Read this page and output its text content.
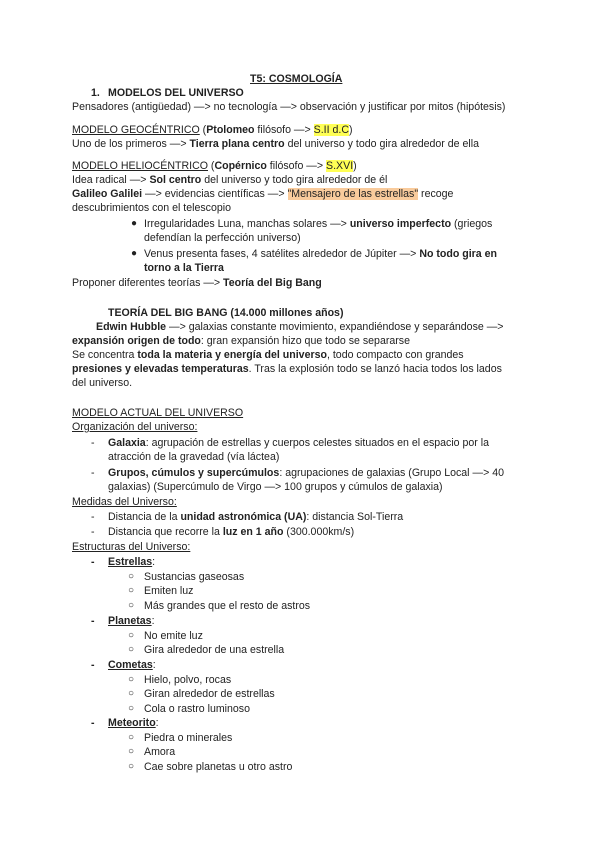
T5: COSMOLOGÍA
1. MODELOS DEL UNIVERSO
Pensadores (antigüedad) —> no tecnología —> observación y justificar por mitos (hipótesis)
MODELO GEOCÉNTRICO (Ptolomeo filósofo —> S.II d.C)
Uno de los primeros —> Tierra plana centro del universo y todo gira alrededor de ella
MODELO HELIOCÉNTRICO (Copérnico filósofo —> S.XVI)
Idea radical —> Sol centro del universo y todo gira alrededor de él
Galileo Galilei —> evidencias científicas —> "Mensajero de las estrellas" recoge
descubrimientos con el telescopio
● Irregularidades Luna, manchas solares —> universo imperfecto (griegos
defendían la perfección universo)
● Venus presenta fases, 4 satélites alrededor de Júpiter —> No todo gira en
torno a la Tierra
Proponer diferentes teorías —> Teoría del Big Bang
TEORÍA DEL BIG BANG (14.000 millones años)
Edwin Hubble —> galaxias constante movimiento, expandiéndose y separándose —>
expansión origen de todo: gran expansión hizo que todo se separarse
Se concentra toda la materia y energía del universo, todo compacto con grandes
presiones y elevadas temperaturas. Tras la explosión todo se lanzó hacia todos los lados
del universo.
MODELO ACTUAL DEL UNIVERSO
Organización del universo:
- Galaxia: agrupación de estrellas y cuerpos celestes situados en el espacio por la
atracción de la gravedad (vía láctea)
- Grupos, cúmulos y supercúmulos: agrupaciones de galaxias (Grupo Local —> 40
galaxias) (Supercúmulo de Virgo —> 100 grupos y cúmulos de galaxia)
Medidas del Universo:
- Distancia de la unidad astronómica (UA): distancia Sol-Tierra
- Distancia que recorre la luz en 1 año (300.000km/s)
Estructuras del Universo:
- Estrellas:
○ Sustancias gaseosas
○ Emiten luz
○ Más grandes que el resto de astros
- Planetas:
○ No emite luz
○ Gira alrededor de una estrella
- Cometas:
○ Hielo, polvo, rocas
○ Giran alrededor de estrellas
○ Cola o rastro luminoso
- Meteorito:
○ Piedra o minerales
○ Amora
○ Cae sobre planetas u otro astro
